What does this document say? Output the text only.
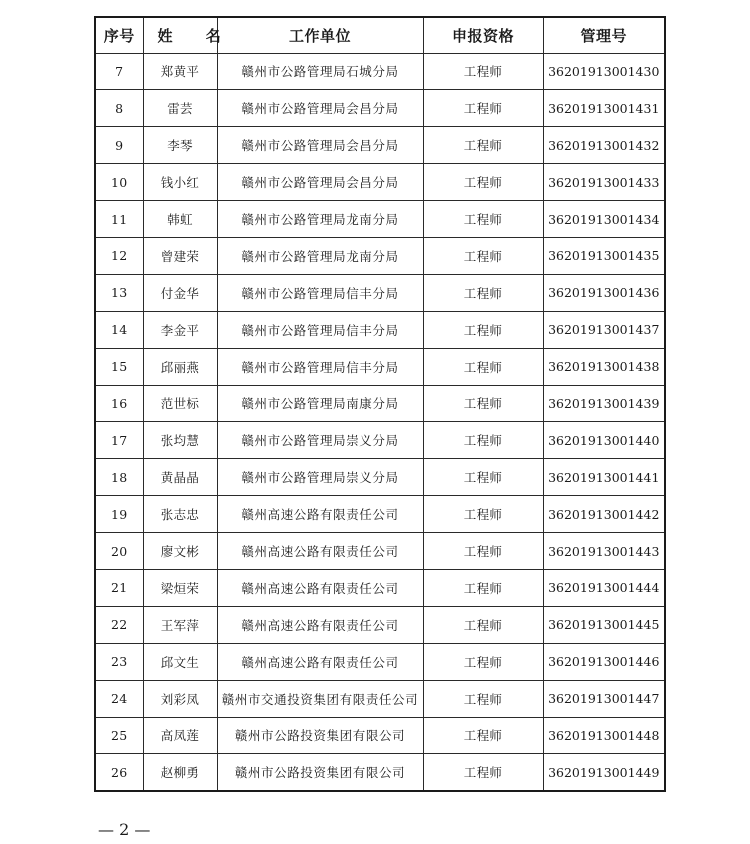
序号	姓 名	工作单位	申报资格	管理号
7	郑黄平	赣州市公路管理局石城分局	工程师	36201913001430
8	雷芸	赣州市公路管理局会昌分局	工程师	36201913001431
9	李琴	赣州市公路管理局会昌分局	工程师	36201913001432
10	钱小红	赣州市公路管理局会昌分局	工程师	36201913001433
11	韩虹	赣州市公路管理局龙南分局	工程师	36201913001434
12	曾建荣	赣州市公路管理局龙南分局	工程师	36201913001435
13	付金华	赣州市公路管理局信丰分局	工程师	36201913001436
14	李金平	赣州市公路管理局信丰分局	工程师	36201913001437
15	邱丽燕	赣州市公路管理局信丰分局	工程师	36201913001438
16	范世标	赣州市公路管理局南康分局	工程师	36201913001439
17	张均慧	赣州市公路管理局崇义分局	工程师	36201913001440
18	黄晶晶	赣州市公路管理局崇义分局	工程师	36201913001441
19	张志忠	赣州高速公路有限责任公司	工程师	36201913001442
20	廖文彬	赣州高速公路有限责任公司	工程师	36201913001443
21	梁烜荣	赣州高速公路有限责任公司	工程师	36201913001444
22	王军萍	赣州高速公路有限责任公司	工程师	36201913001445
23	邱文生	赣州高速公路有限责任公司	工程师	36201913001446
24	刘彩凤	赣州市交通投资集团有限责任公司	工程师	36201913001447
25	高凤莲	赣州市公路投资集团有限公司	工程师	36201913001448
26	赵柳勇	赣州市公路投资集团有限公司	工程师	36201913001449
— 2 —
